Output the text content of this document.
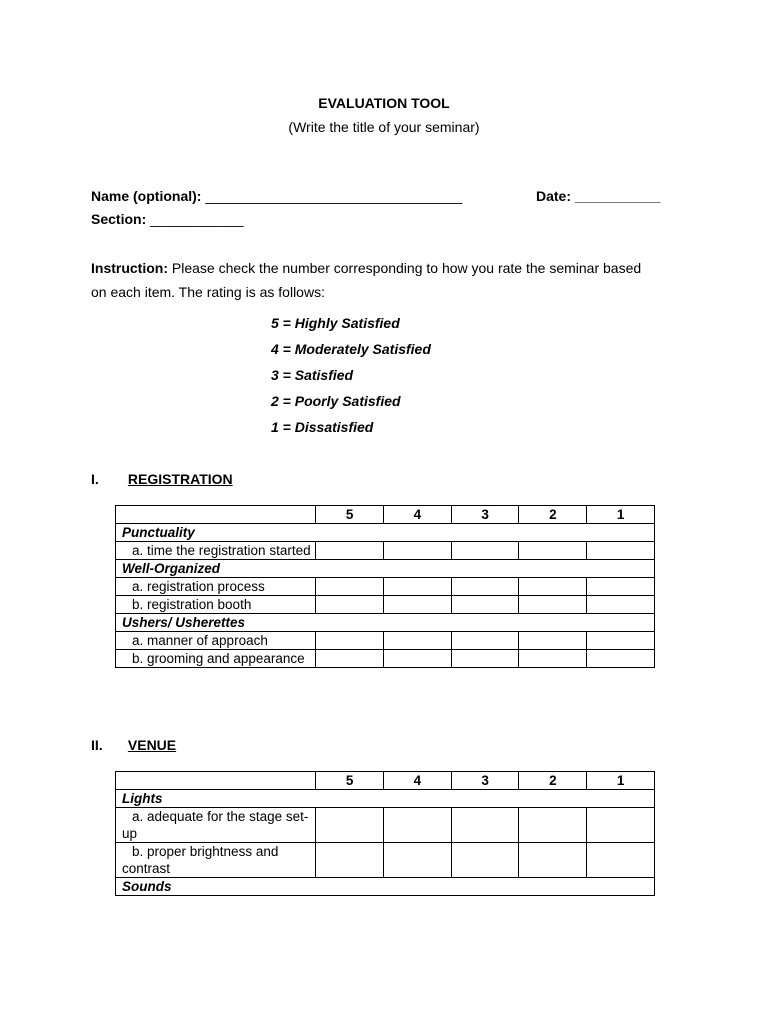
EVALUATION TOOL
(Write the title of your seminar)
Name (optional): _________________________________	Date: ___________
Section: ____________
Instruction: Please check the number corresponding to how you rate the seminar based on each item. The rating is as follows:
5 = Highly Satisfied
4 = Moderately Satisfied
3 = Satisfied
2 = Poorly Satisfied
1 = Dissatisfied
I. REGISTRATION
	5	4	3	2	1
Punctuality					
a. time the registration started					
Well-Organized					
a. registration process					
b. registration booth					
Ushers/ Usherettes					
a. manner of approach					
b. grooming and appearance					
II. VENUE
	5	4	3	2	1
Lights					
a. adequate for the stage set-up					
b. proper brightness and contrast					
Sounds					
